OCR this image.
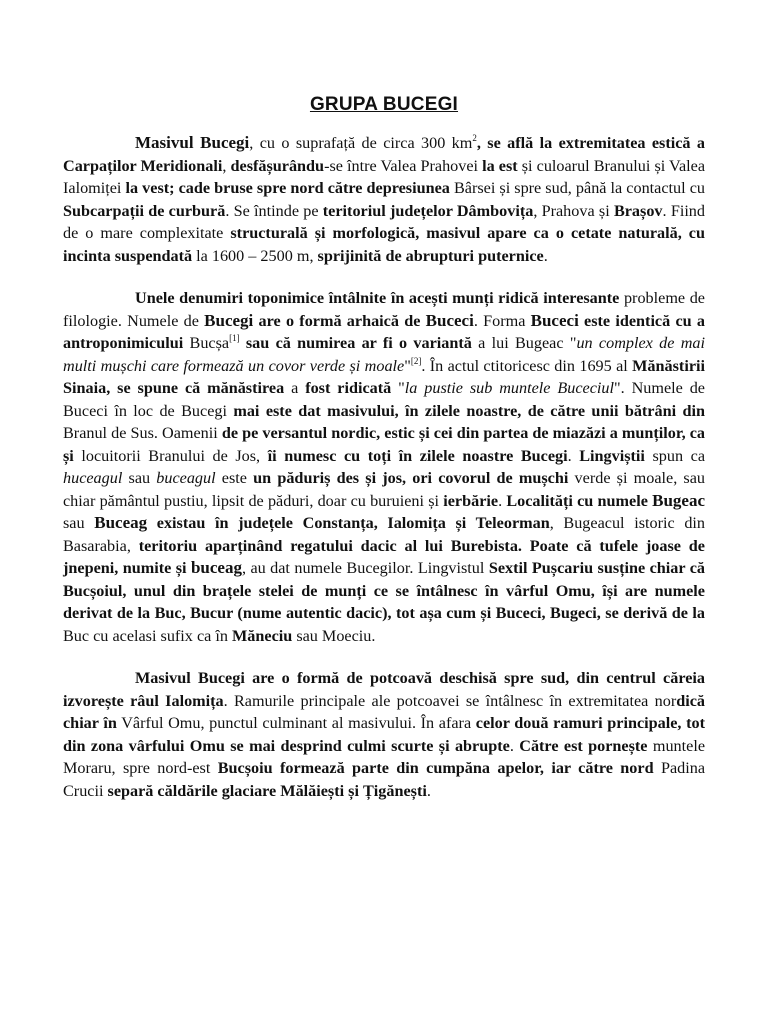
GRUPA BUCEGI

Masivul Bucegi, cu o suprafață de circa 300 $km^2$, se află la extremitatea estică a Carpaților Meridionali, desfășurându-se între Valea Prahovei la est și culoarul Branului și Valea Ialomiței la vest; cade bruse spre nord către depresiunea Bârsei și spre sud, până la contactul cu Subcarpații de curbură. Se întinde pe teritoriul județelor Dâmbovița, Prahova și Brașov. Fiind de o mare complexitate structurală și morfologică, masivul apare ca o cetate naturală, cu incinta suspendată la 1600 – 2500 m, sprijinită de abrupturi puternice.

Unele denumiri toponimice întâlnite în acești munți ridică interesante probleme de filologie. Numele de Bucegi are o formă arhaică de Buceci. Forma Buceci este identică cu a antroponimicului Bucșa[1] sau că numirea ar fi o variantă a lui Bugeac "un complex de mai multi mușchi care formează un covor verde și moale"[2]. În actul ctitoricesc din 1695 al Mănăstirii Sinaia, se spune că mănăstirea a fost ridicată "la pustie sub muntele Buceciul". Numele de Buceci în loc de Bucegi mai este dat masivului, în zilele noastre, de către unii bătrâni din Branul de Sus. Oamenii de pe versantul nordic, estic și cei din partea de miazăzi a munților, ca și locuitorii Branului de Jos, îi numesc cu toți în zilele noastre Bucegi. Lingviștii spun ca huceagul sau buceagul este un păduriș des și jos, ori covorul de mușchi verde și moale, sau chiar pământul pustiu, lipsit de păduri, doar cu buruieni și ierbărie. Localități cu numele Bugeac sau Buceag existau în județele Constanța, Ialomița și Teleorman, Bugeacul istoric din Basarabia, teritoriu aparținând regatului dacic al lui Burebista. Poate că tufele joase de jnepeni, numite și buceag, au dat numele Bucegilor. Lingvistul Sextil Pușcariu susține chiar că Bucșoiul, unul din brațele stelei de munți ce se întâlnesc în vârful Omu, își are numele derivat de la Buc, Bucur (nume autentic dacic), tot așa cum și Buceci, Bugeci, se derivă de la Buc cu acelasi sufix ca în Măneciu sau Moeciu.

Masivul Bucegi are o formă de potcoavă deschisă spre sud, din centrul căreia izvorește râul Ialomița. Ramurile principale ale potcoavei se întâlnesc în extremitatea nordică chiar în Vârful Omu, punctul culminant al masivului. În afara celor două ramuri principale, tot din zona vârfului Omu se mai desprind culmi scurte și abrupte. Către est pornește muntele Moraru, spre nord-est Bucșoiu formează parte din cumpăna apelor, iar către nord Padina Crucii separă căldările glaciare Mălăiești și Țigănești.
